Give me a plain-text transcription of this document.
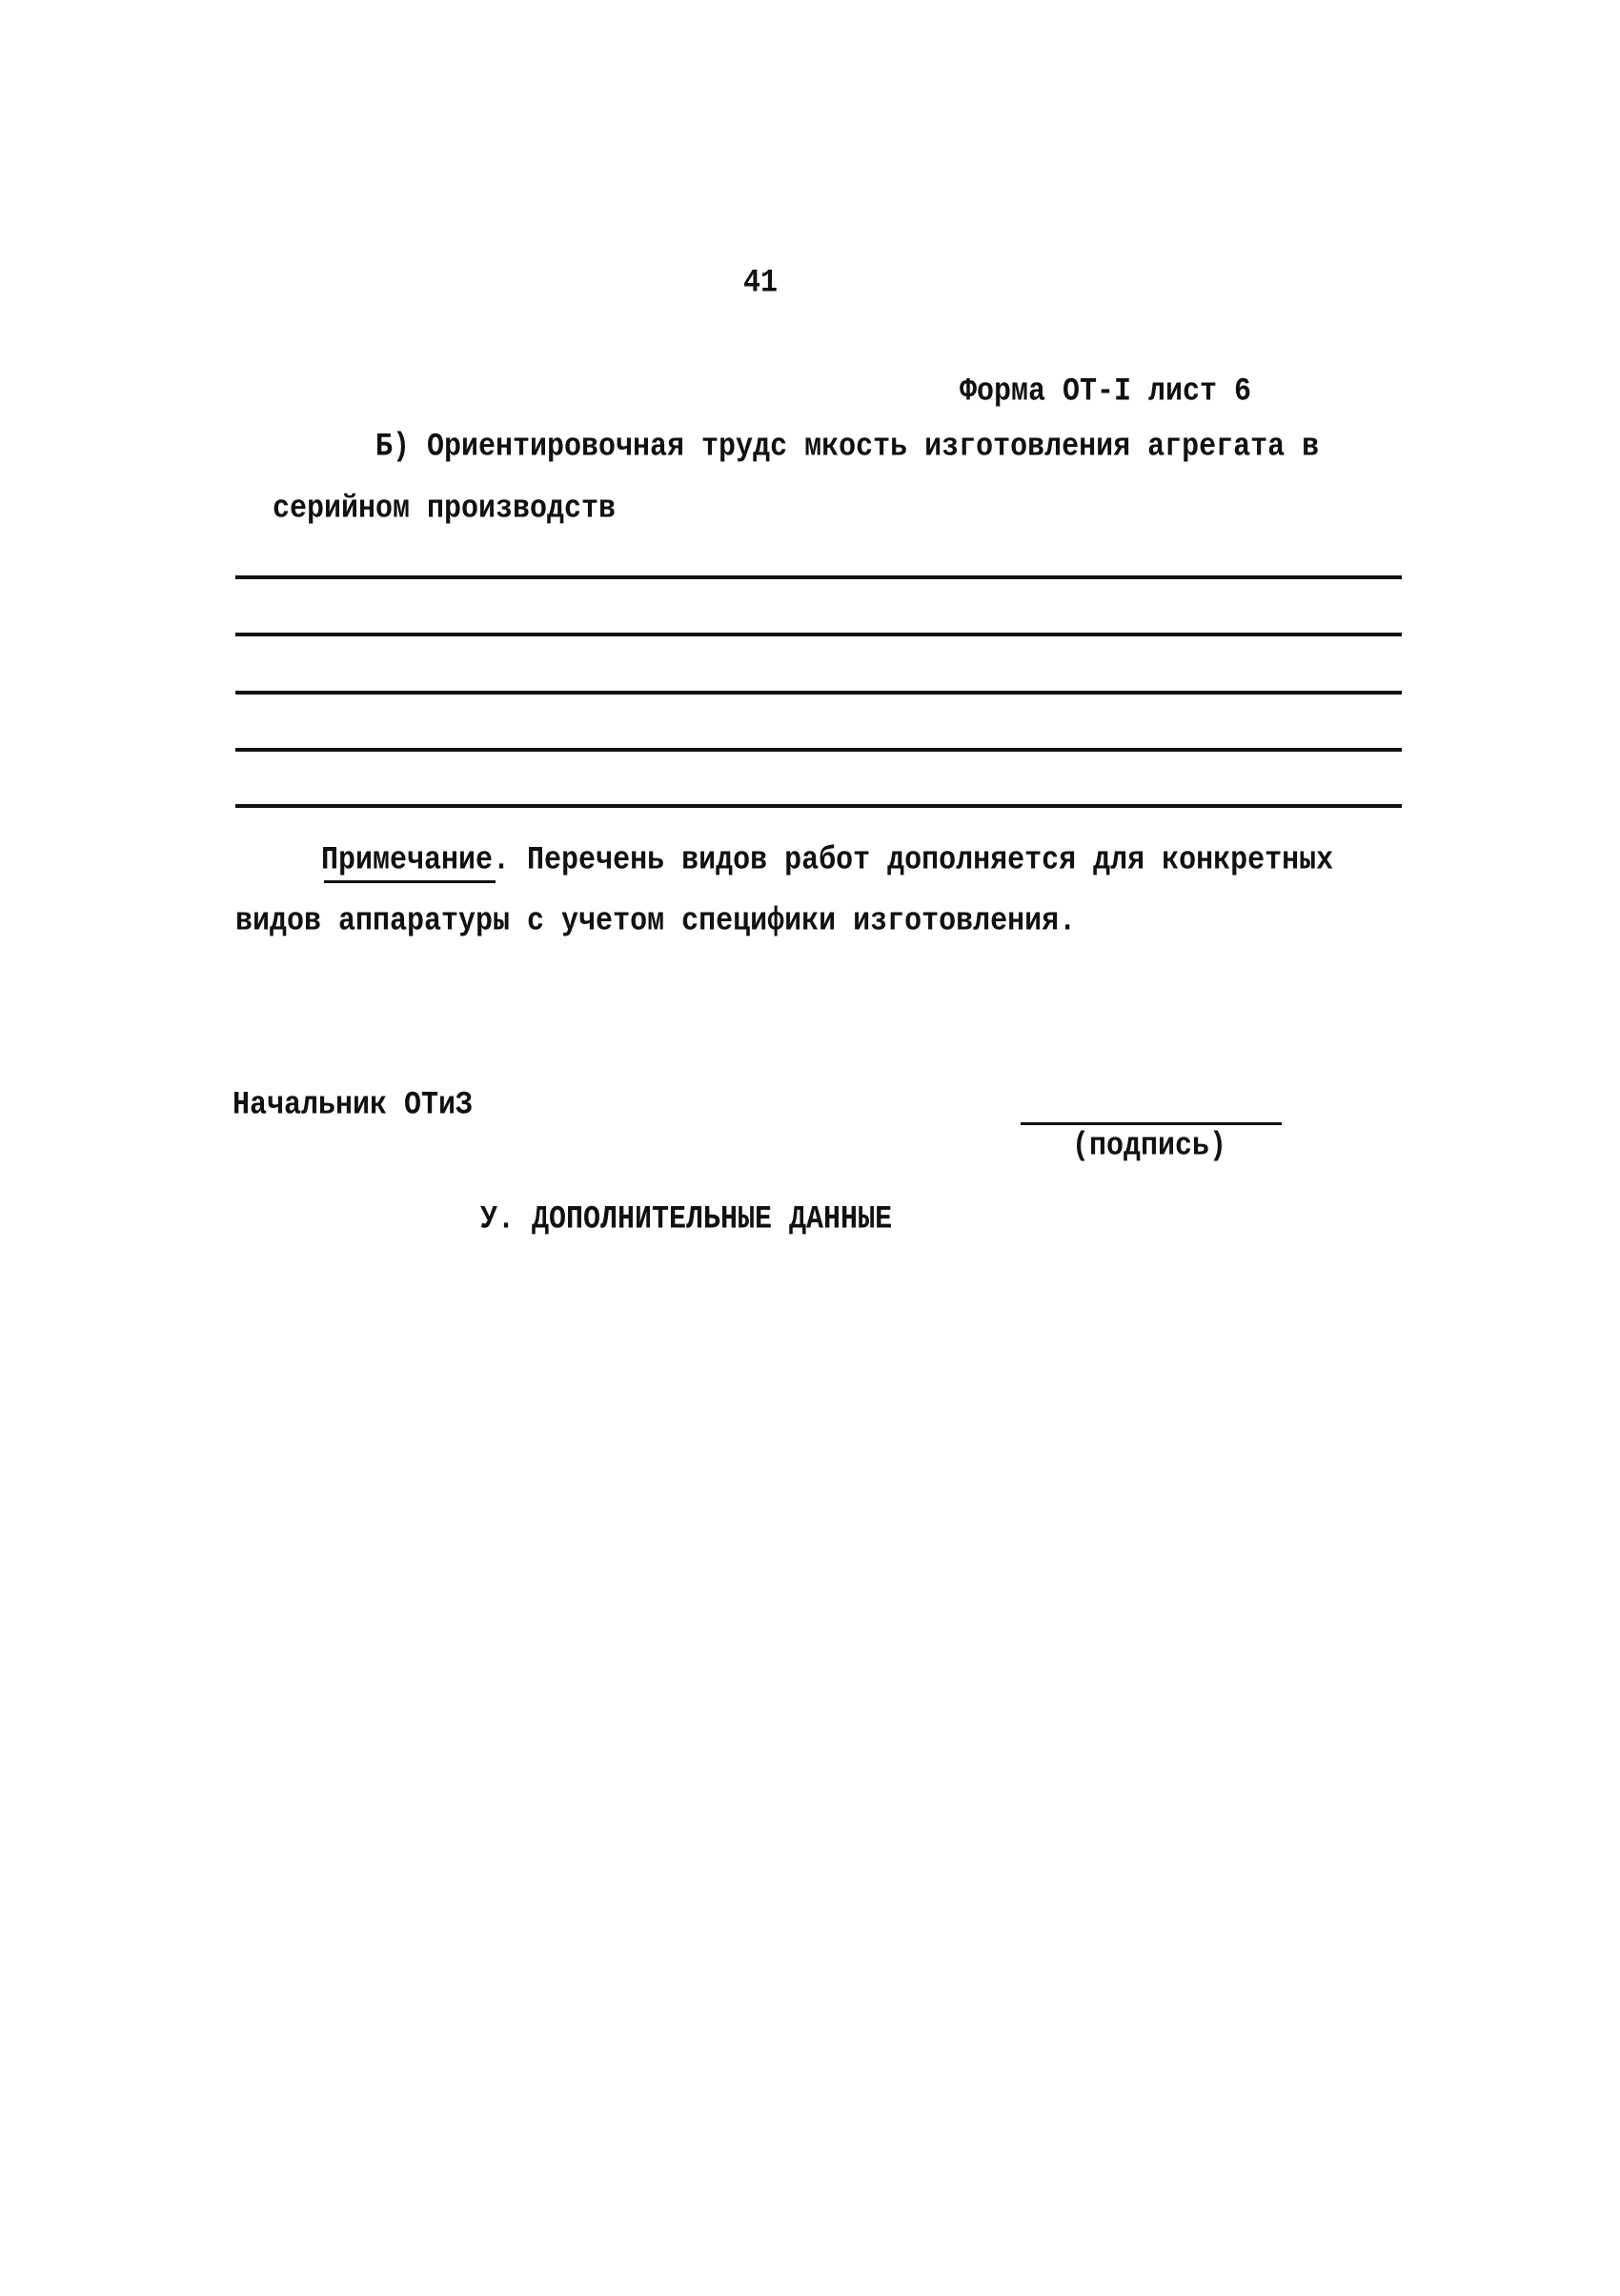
41
Форма ОТ-I лист 6
Б) Ориентировочная трудс мкость изготовления агрегата в
серийном производств
Примечание. Перечень видов работ дополняется для конкретных
видов аппаратуры с учетом специфики изготовления.
Начальник ОТиЗ
(подпись)
У. ДОПОЛНИТЕЛЬНЫЕ ДАННЫЕ
